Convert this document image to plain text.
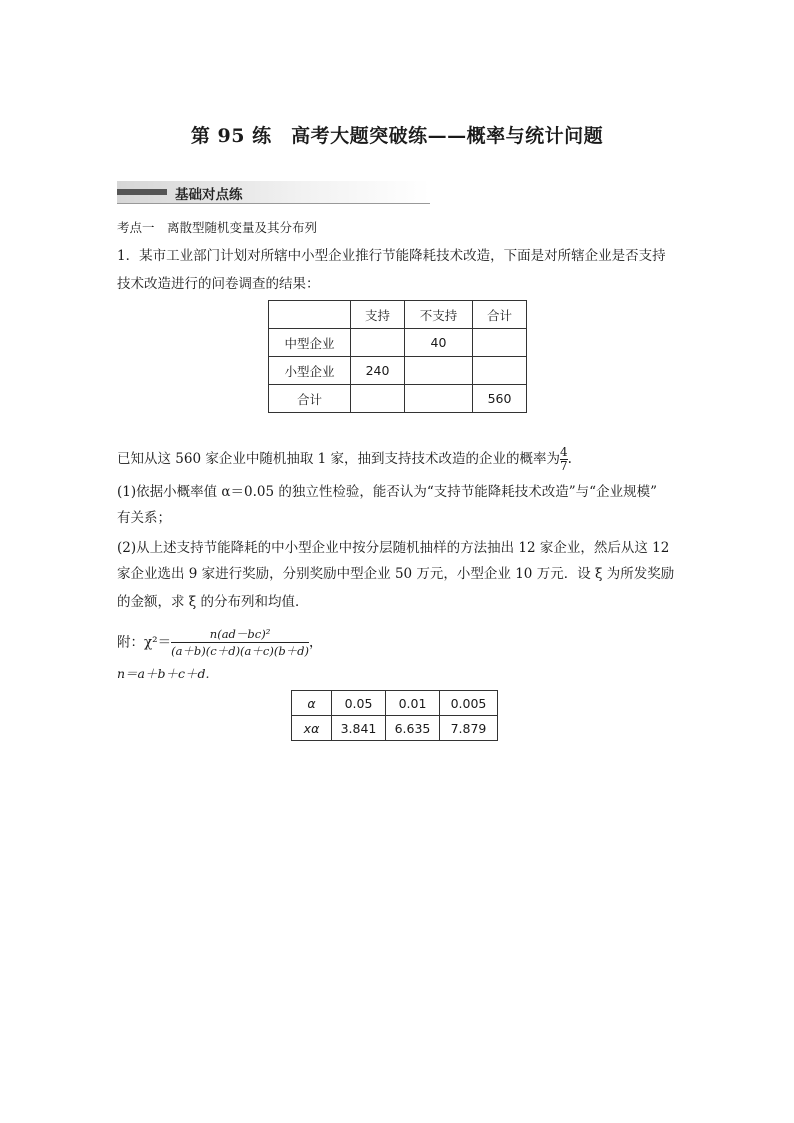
第 95 练　高考大题突破练——概率与统计问题
基础对点练
考点一　离散型随机变量及其分布列
1．某市工业部门计划对所辖中小型企业推行节能降耗技术改造，下面是对所辖企业是否支持
技术改造进行的问卷调查的结果：
	支持	不支持	合计
中型企业		40	
小型企业	240		
合计			560
已知从这 560 家企业中随机抽取 1 家，抽到支持技术改造的企业的概率为 $\frac{4}{7}$ .
(1)依据小概率值 α＝0.05 的独立性检验，能否认为“支持节能降耗技术改造”与“企业规模”
有关系；
(2)从上述支持节能降耗的中小型企业中按分层随机抽样的方法抽出 12 家企业，然后从这 12
家企业选出 9 家进行奖励，分别奖励中型企业 50 万元，小型企业 10 万元．设 ξ 为所发奖励
的金额，求 ξ 的分布列和均值．
附：$\chi^2= \frac{\text{n(ad－bc)²}}{(a+b)(c+d)(a+c)(b+d)}$ ，
n＝a＋b＋c＋d.
α	0.05	0.01	0.005
xα	3.841	6.635	7.879
